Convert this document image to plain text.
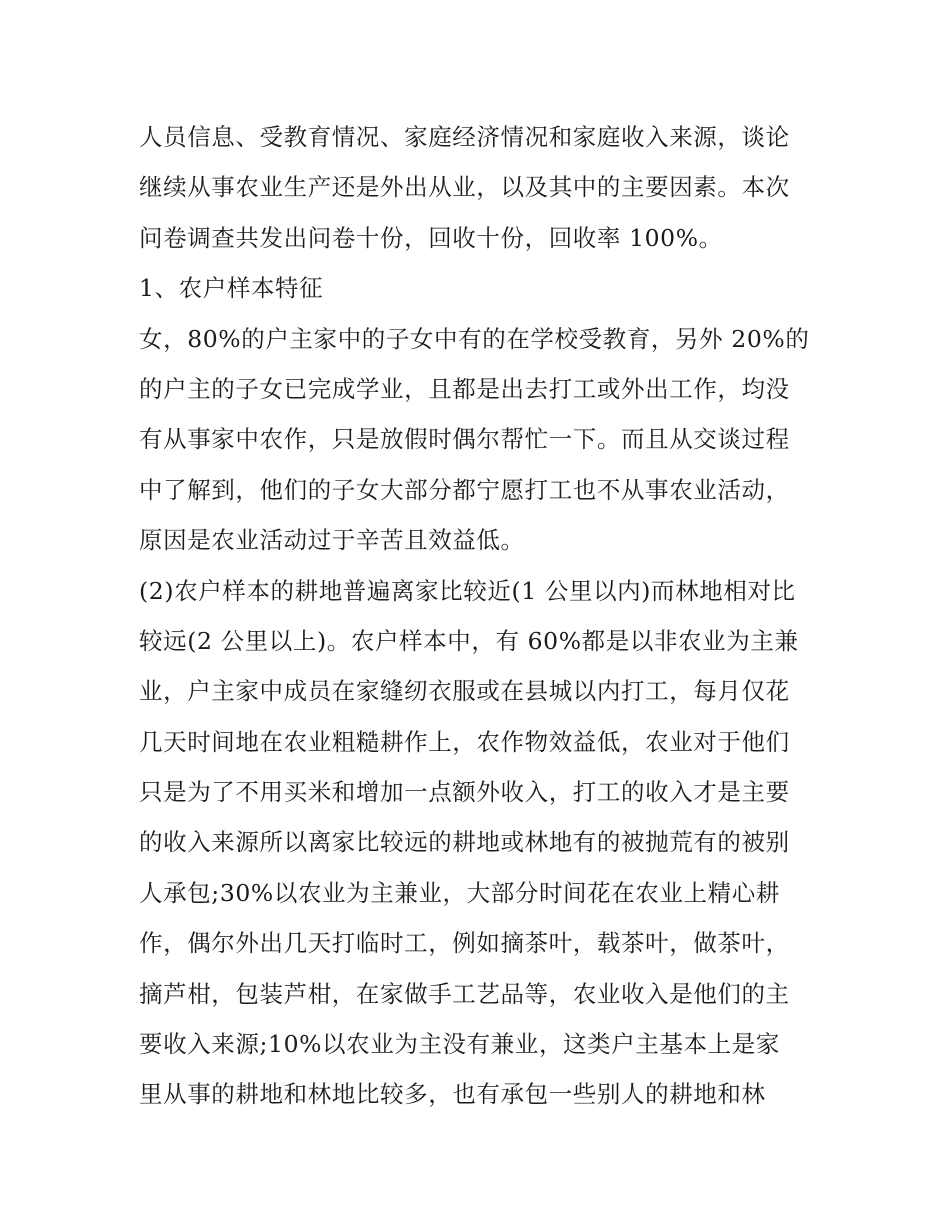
人员信息、受教育情况、家庭经济情况和家庭收入来源，谈论
继续从事农业生产还是外出从业，以及其中的主要因素。本次
问卷调查共发出问卷十份，回收十份，回收率 100%。
1、农户样本特征
女，80%的户主家中的子女中有的在学校受教育，另外 20%的
的户主的子女已完成学业，且都是出去打工或外出工作，均没
有从事家中农作，只是放假时偶尔帮忙一下。而且从交谈过程
中了解到，他们的子女大部分都宁愿打工也不从事农业活动，
原因是农业活动过于辛苦且效益低。
(2)农户样本的耕地普遍离家比较近(1 公里以内)而林地相对比
较远(2 公里以上)。农户样本中，有 60%都是以非农业为主兼
业，户主家中成员在家缝纫衣服或在县城以内打工，每月仅花
几天时间地在农业粗糙耕作上，农作物效益低，农业对于他们
只是为了不用买米和增加一点额外收入，打工的收入才是主要
的收入来源所以离家比较远的耕地或林地有的被抛荒有的被别
人承包;30%以农业为主兼业，大部分时间花在农业上精心耕
作，偶尔外出几天打临时工，例如摘茶叶，载茶叶，做茶叶，
摘芦柑，包装芦柑，在家做手工艺品等，农业收入是他们的主
要收入来源;10%以农业为主没有兼业，这类户主基本上是家
里从事的耕地和林地比较多，也有承包一些别人的耕地和林
